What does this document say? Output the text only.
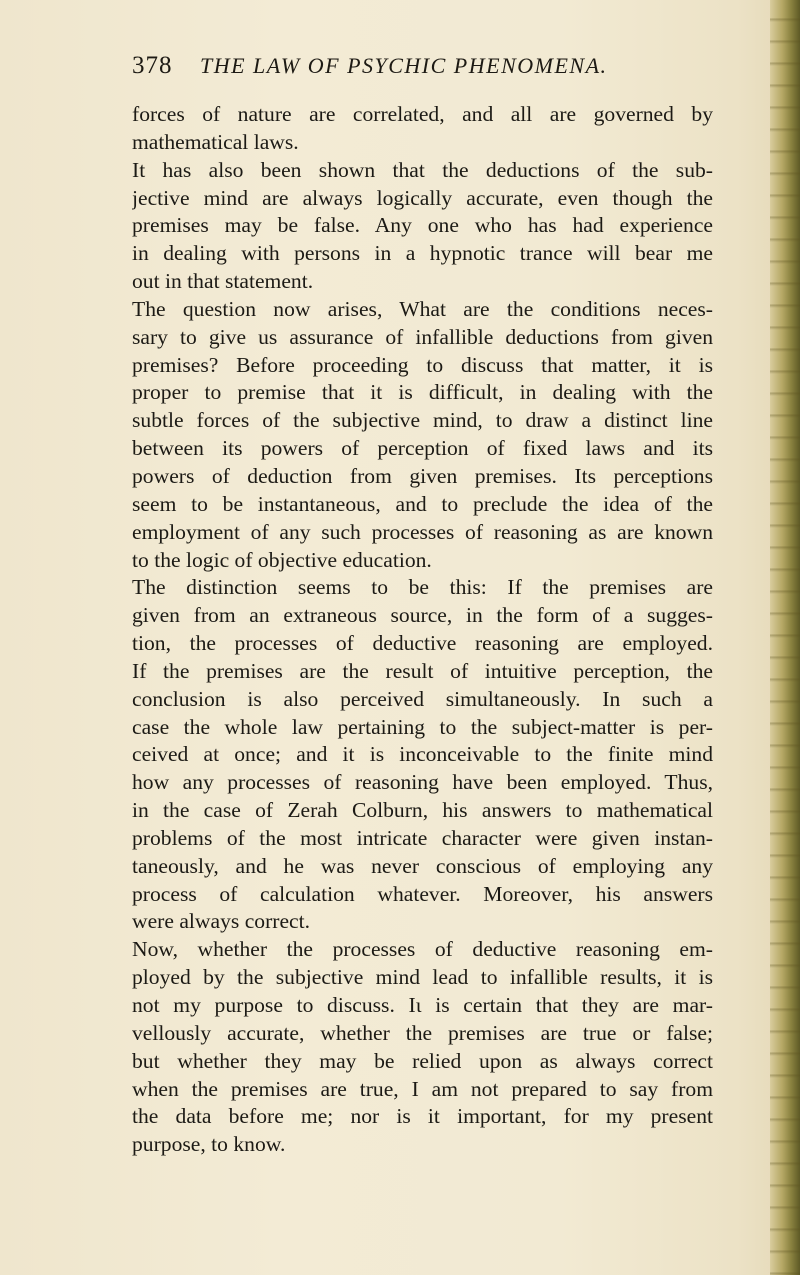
378 THE LAW OF PSYCHIC PHENOMENA.
forces of nature are correlated, and all are governed by
mathematical laws.
It has also been shown that the deductions of the sub-
jective mind are always logically accurate, even though the
premises may be false. Any one who has had experience
in dealing with persons in a hypnotic trance will bear me
out in that statement.
The question now arises, What are the conditions neces-
sary to give us assurance of infallible deductions from given
premises? Before proceeding to discuss that matter, it is
proper to premise that it is difficult, in dealing with the
subtle forces of the subjective mind, to draw a distinct line
between its powers of perception of fixed laws and its
powers of deduction from given premises. Its perceptions
seem to be instantaneous, and to preclude the idea of the
employment of any such processes of reasoning as are known
to the logic of objective education.
The distinction seems to be this: If the premises are
given from an extraneous source, in the form of a sugges-
tion, the processes of deductive reasoning are employed.
If the premises are the result of intuitive perception, the
conclusion is also perceived simultaneously. In such a
case the whole law pertaining to the subject-matter is per-
ceived at once; and it is inconceivable to the finite mind
how any processes of reasoning have been employed. Thus,
in the case of Zerah Colburn, his answers to mathematical
problems of the most intricate character were given instan-
taneously, and he was never conscious of employing any
process of calculation whatever. Moreover, his answers
were always correct.
Now, whether the processes of deductive reasoning em-
ployed by the subjective mind lead to infallible results, it is
not my purpose to discuss. Iι is certain that they are mar-
vellously accurate, whether the premises are true or false;
but whether they may be relied upon as always correct
when the premises are true, I am not prepared to say from
the data before me; nor is it important, for my present
purpose, to know.
